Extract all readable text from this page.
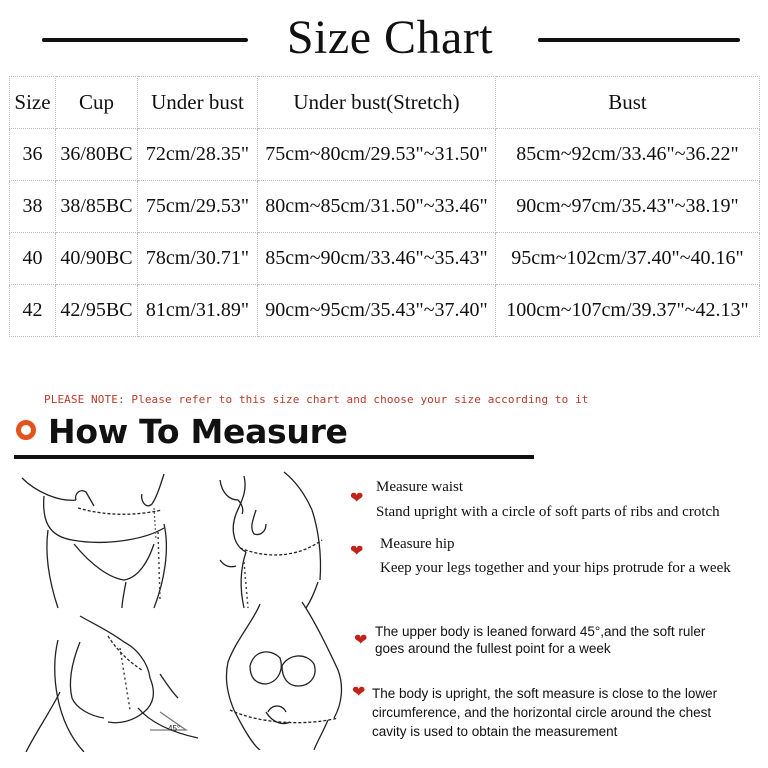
Size Chart
Size	Cup	Under bust	Under bust(Stretch)	Bust
36	36/80BC	72cm/28.35"	75cm~80cm/29.53"~31.50"	85cm~92cm/33.46"~36.22"
38	38/85BC	75cm/29.53"	80cm~85cm/31.50"~33.46"	90cm~97cm/35.43"~38.19"
40	40/90BC	78cm/30.71"	85cm~90cm/33.46"~35.43"	95cm~102cm/37.40"~40.16"
42	42/95BC	81cm/31.89"	90cm~95cm/35.43"~37.40"	100cm~107cm/39.37"~42.13"
PLEASE NOTE: Please refer to this size chart and choose your size according to it
How To Measure
45°
❤
Measure waist
Stand upright with a circle of soft parts of ribs and crotch
❤ Measure hip
Keep your legs together and your hips protrude for a week
❤
The upper body is leaned forward 45°,and the soft ruler
goes around the fullest point for a week
❤ The body is upright, the soft measure is close to the lower
circumference, and the horizontal circle around the chest
cavity is used to obtain the measurement
